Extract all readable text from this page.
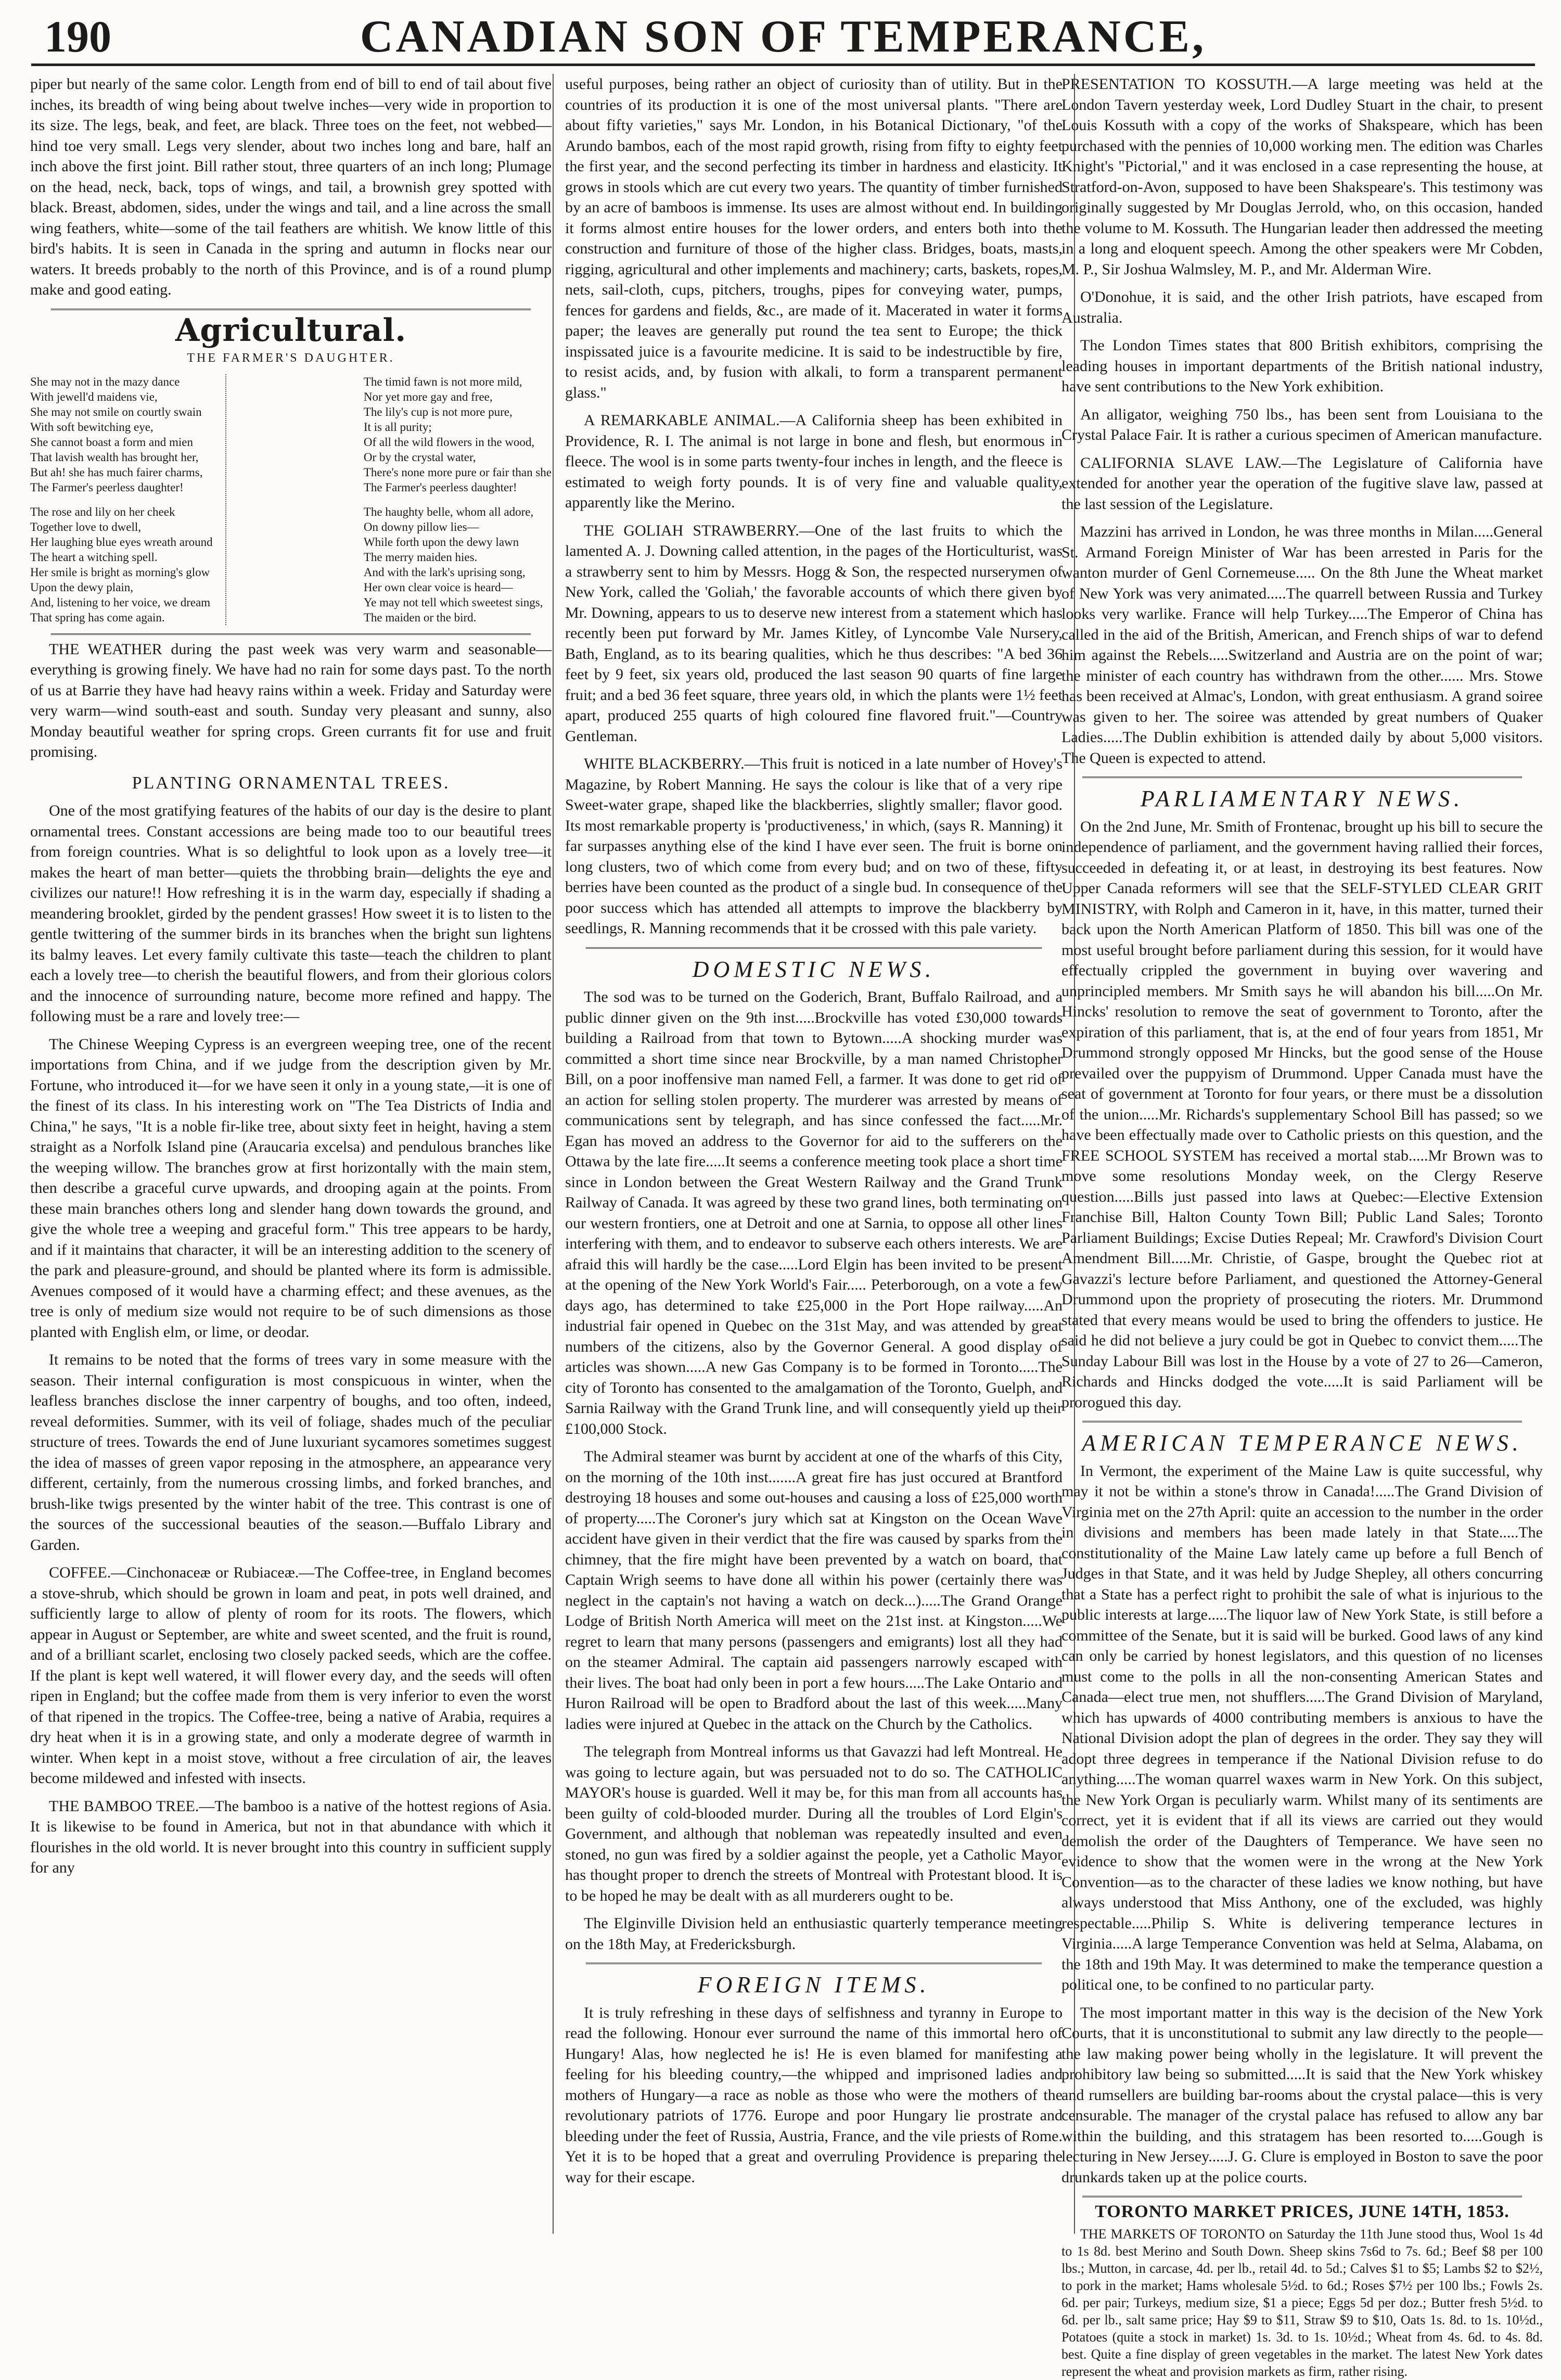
190	CANADIAN SON OF TEMPERANCE,

piper but nearly of the same color. Length from end of bill to end of tail about five inches, its breadth of wing being about twelve inches—very wide in proportion to its size. The legs, beak, and feet, are black. Three toes on the feet, not webbed—hind toe very small. Legs very slender, about two inches long and bare, half an inch above the first joint. Bill rather stout, three quarters of an inch long; Plumage on the head, neck, back, tops of wings, and tail, a brownish grey spotted with black. Breast, abdomen, sides, under the wings and tail, and a line across the small wing feathers, white—some of the tail feathers are whitish. We know little of this bird's habits. It is seen in Canada in the spring and autumn in flocks near our waters. It breeds probably to the north of this Province, and is of a round plump make and good eating.

Agricultural.
THE FARMER'S DAUGHTER.
She may not in the mazy dance
With jewell'd maidens vie,
She may not smile on courtly swain
With soft bewitching eye,
She cannot boast a form and mien
That lavish wealth has brought her,
But ah! she has much fairer charms,
The Farmer's peerless daughter!
The rose and lily on her cheek
Together love to dwell,
Her laughing blue eyes wreath around
The heart a witching spell.
Her smile is bright as morning's glow
Upon the dewy plain,
And, listening to her voice, we dream
That spring has come again.
The timid fawn is not more mild,
Nor yet more gay and free,
The lily's cup is not more pure,
It is all purity;
Of all the wild flowers in the wood,
Or by the crystal water,
There's none more pure or fair than she
The Farmer's peerless daughter!
The haughty belle, whom all adore,
On downy pillow lies—
While forth upon the dewy lawn
The merry maiden hies.
And with the lark's uprising song,
Her own clear voice is heard—
Ye may not tell which sweetest sings,
The maiden or the bird.

THE WEATHER during the past week was very warm and seasonable—everything is growing finely. We have had no rain for some days past. To the north of us at Barrie they have had heavy rains within a week. Friday and Saturday were very warm—wind south-east and south. Sunday very pleasant and sunny, also Monday beautiful weather for spring crops. Green currants fit for use and fruit promising.

PLANTING ORNAMENTAL TREES.

One of the most gratifying features of the habits of our day is the desire to plant ornamental trees. Constant accessions are being made too to our beautiful trees from foreign countries. What is so delightful to look upon as a lovely tree—it makes the heart of man better—quiets the throbbing brain—delights the eye and civilizes our nature!! How refreshing it is in the warm day, especially if shading a meandering brooklet, girded by the pendent grasses! How sweet it is to listen to the gentle twittering of the summer birds in its branches when the bright sun lightens its balmy leaves. Let every family cultivate this taste—teach the children to plant each a lovely tree—to cherish the beautiful flowers, and from their glorious colors and the innocence of surrounding nature, become more refined and happy. The following must be a rare and lovely tree:—

The Chinese Weeping Cypress is an evergreen weeping tree, one of the recent importations from China, and if we judge from the description given by Mr. Fortune, who introduced it—for we have seen it only in a young state,—it is one of the finest of its class. In his interesting work on "The Tea Districts of India and China," he says, "It is a noble fir-like tree, about sixty feet in height, having a stem straight as a Norfolk Island pine (Araucaria excelsa) and pendulous branches like the weeping willow. The branches grow at first horizontally with the main stem, then describe a graceful curve upwards, and drooping again at the points. From these main branches others long and slender hang down towards the ground, and give the whole tree a weeping and graceful form." This tree appears to be hardy, and if it maintains that character, it will be an interesting addition to the scenery of the park and pleasure-ground, and should be planted where its form is admissible. Avenues composed of it would have a charming effect; and these avenues, as the tree is only of medium size would not require to be of such dimensions as those planted with English elm, or lime, or deodar.

It remains to be noted that the forms of trees vary in some measure with the season. Their internal configuration is most conspicuous in winter, when the leafless branches disclose the inner carpentry of boughs, and too often, indeed, reveal deformities. Summer, with its veil of foliage, shades much of the peculiar structure of trees. Towards the end of June luxuriant sycamores sometimes suggest the idea of masses of green vapor reposing in the atmosphere, an appearance very different, certainly, from the numerous crossing limbs, and forked branches, and brush-like twigs presented by the winter habit of the tree. This contrast is one of the sources of the successional beauties of the season.—Buffalo Library and Garden.

COFFEE.—Cinchonaceæ or Rubiaceæ.—The Coffee-tree, in England becomes a stove-shrub, which should be grown in loam and peat, in pots well drained, and sufficiently large to allow of plenty of room for its roots. The flowers, which appear in August or September, are white and sweet scented, and the fruit is round, and of a brilliant scarlet, enclosing two closely packed seeds, which are the coffee. If the plant is kept well watered, it will flower every day, and the seeds will often ripen in England; but the coffee made from them is very inferior to even the worst of that ripened in the tropics. The Coffee-tree, being a native of Arabia, requires a dry heat when it is in a growing state, and only a moderate degree of warmth in winter. When kept in a moist stove, without a free circulation of air, the leaves become mildewed and infested with insects.

THE BAMBOO TREE.—The bamboo is a native of the hottest regions of Asia. It is likewise to be found in America, but not in that abundance with which it flourishes in the old world. It is never brought into this country in sufficient supply for any

useful purposes, being rather an object of curiosity than of utility. But in the countries of its production it is one of the most universal plants. "There are about fifty varieties," says Mr. London, in his Botanical Dictionary, "of the Arundo bambos, each of the most rapid growth, rising from fifty to eighty feet the first year, and the second perfecting its timber in hardness and elasticity. It grows in stools which are cut every two years. The quantity of timber furnished by an acre of bamboos is immense. Its uses are almost without end. In building it forms almost entire houses for the lower orders, and enters both into the construction and furniture of those of the higher class. Bridges, boats, masts, rigging, agricultural and other implements and machinery; carts, baskets, ropes, nets, sail-cloth, cups, pitchers, troughs, pipes for conveying water, pumps, fences for gardens and fields, &c., are made of it. Macerated in water it forms paper; the leaves are generally put round the tea sent to Europe; the thick inspissated juice is a favourite medicine. It is said to be indestructible by fire, to resist acids, and, by fusion with alkali, to form a transparent permanent glass."

A REMARKABLE ANIMAL.—A California sheep has been exhibited in Providence, R. I. The animal is not large in bone and flesh, but enormous in fleece. The wool is in some parts twenty-four inches in length, and the fleece is estimated to weigh forty pounds. It is of very fine and valuable quality, apparently like the Merino.

THE GOLIAH STRAWBERRY.—One of the last fruits to which the lamented A. J. Downing called attention, in the pages of the Horticulturist, was a strawberry sent to him by Messrs. Hogg & Son, the respected nurserymen of New York, called the 'Goliah,' the favorable accounts of which there given by Mr. Downing, appears to us to deserve new interest from a statement which has recently been put forward by Mr. James Kitley, of Lyncombe Vale Nursery, Bath, England, as to its bearing qualities, which he thus describes: "A bed 36 feet by 9 feet, six years old, produced the last season 90 quarts of fine large fruit; and a bed 36 feet square, three years old, in which the plants were 1½ feet apart, produced 255 quarts of high coloured fine flavored fruit."—Country Gentleman.

WHITE BLACKBERRY.—This fruit is noticed in a late number of Hovey's Magazine, by Robert Manning. He says the colour is like that of a very ripe Sweet-water grape, shaped like the blackberries, slightly smaller; flavor good. Its most remarkable property is 'productiveness,' in which, (says R. Manning) it far surpasses anything else of the kind I have ever seen. The fruit is borne on long clusters, two of which come from every bud; and on two of these, fifty berries have been counted as the product of a single bud. In consequence of the poor success which has attended all attempts to improve the blackberry by seedlings, R. Manning recommends that it be crossed with this pale variety.

DOMESTIC NEWS.

The sod was to be turned on the Goderich, Brant, Buffalo Railroad, and a public dinner given on the 9th inst.....Brockville has voted £30,000 towards building a Railroad from that town to Bytown.....A shocking murder was committed a short time since near Brockville, by a man named Christopher Bill, on a poor inoffensive man named Fell, a farmer. It was done to get rid of an action for selling stolen property. The murderer was arrested by means of communications sent by telegraph, and has since confessed the fact.....Mr. Egan has moved an address to the Governor for aid to the sufferers on the Ottawa by the late fire.....It seems a conference meeting took place a short time since in London between the Great Western Railway and the Grand Trunk Railway of Canada. It was agreed by these two grand lines, both terminating on our western frontiers, one at Detroit and one at Sarnia, to oppose all other lines interfering with them, and to endeavor to subserve each others interests. We are afraid this will hardly be the case.....Lord Elgin has been invited to be present at the opening of the New York World's Fair..... Peterborough, on a vote a few days ago, has determined to take £25,000 in the Port Hope railway.....An industrial fair opened in Quebec on the 31st May, and was attended by great numbers of the citizens, also by the Governor General. A good display of articles was shown.....A new Gas Company is to be formed in Toronto.....The city of Toronto has consented to the amalgamation of the Toronto, Guelph, and Sarnia Railway with the Grand Trunk line, and will consequently yield up their £100,000 Stock.

The Admiral steamer was burnt by accident at one of the wharfs of this City, on the morning of the 10th inst.......A great fire has just occured at Brantford destroying 18 houses and some out-houses and causing a loss of £25,000 worth of property.....The Coroner's jury which sat at Kingston on the Ocean Wave accident have given in their verdict that the fire was caused by sparks from the chimney, that the fire might have been prevented by a watch on board, that Captain Wrigh seems to have done all within his power (certainly there was neglect in the captain's not having a watch on deck...).....The Grand Orange Lodge of British North America will meet on the 21st inst. at Kingston.....We regret to learn that many persons (passengers and emigrants) lost all they had on the steamer Admiral. The captain aid passengers narrowly escaped with their lives. The boat had only been in port a few hours.....The Lake Ontario and Huron Railroad will be open to Bradford about the last of this week.....Many ladies were injured at Quebec in the attack on the Church by the Catholics.

The telegraph from Montreal informs us that Gavazzi had left Montreal. He was going to lecture again, but was persuaded not to do so. The CATHOLIC MAYOR's house is guarded. Well it may be, for this man from all accounts has been guilty of cold-blooded murder. During all the troubles of Lord Elgin's Government, and although that nobleman was repeatedly insulted and even stoned, no gun was fired by a soldier against the people, yet a Catholic Mayor has thought proper to drench the streets of Montreal with Protestant blood. It is to be hoped he may be dealt with as all murderers ought to be.

The Elginville Division held an enthusiastic quarterly temperance meeting on the 18th May, at Fredericksburgh.

FOREIGN ITEMS.

It is truly refreshing in these days of selfishness and tyranny in Europe to read the following. Honour ever surround the name of this immortal hero of Hungary! Alas, how neglected he is! He is even blamed for manifesting a feeling for his bleeding country,—the whipped and imprisoned ladies and mothers of Hungary—a race as noble as those who were the mothers of the revolutionary patriots of 1776. Europe and poor Hungary lie prostrate and bleeding under the feet of Russia, Austria, France, and the vile priests of Rome. Yet it is to be hoped that a great and overruling Providence is preparing the way for their escape.

PRESENTATION TO KOSSUTH.—A large meeting was held at the London Tavern yesterday week, Lord Dudley Stuart in the chair, to present Louis Kossuth with a copy of the works of Shakspeare, which has been purchased with the pennies of 10,000 working men. The edition was Charles Knight's "Pictorial," and it was enclosed in a case representing the house, at Stratford-on-Avon, supposed to have been Shakspeare's. This testimony was originally suggested by Mr Douglas Jerrold, who, on this occasion, handed the volume to M. Kossuth. The Hungarian leader then addressed the meeting in a long and eloquent speech. Among the other speakers were Mr Cobden, M. P., Sir Joshua Walmsley, M. P., and Mr. Alderman Wire.

O'Donohue, it is said, and the other Irish patriots, have escaped from Australia.

The London Times states that 800 British exhibitors, comprising the leading houses in important departments of the British national industry, have sent contributions to the New York exhibition.

An alligator, weighing 750 lbs., has been sent from Louisiana to the Crystal Palace Fair. It is rather a curious specimen of American manufacture.

CALIFORNIA SLAVE LAW.—The Legislature of California have extended for another year the operation of the fugitive slave law, passed at the last session of the Legislature.

Mazzini has arrived in London, he was three months in Milan.....General St. Armand Foreign Minister of War has been arrested in Paris for the wanton murder of Genl Cornemeuse..... On the 8th June the Wheat market of New York was very animated.....The quarrell between Russia and Turkey looks very warlike. France will help Turkey.....The Emperor of China has called in the aid of the British, American, and French ships of war to defend him against the Rebels.....Switzerland and Austria are on the point of war; the minister of each country has withdrawn from the other...... Mrs. Stowe has been received at Almac's, London, with great enthusiasm. A grand soiree was given to her. The soiree was attended by great numbers of Quaker Ladies.....The Dublin exhibition is attended daily by about 5,000 visitors. The Queen is expected to attend.

PARLIAMENTARY NEWS.

On the 2nd June, Mr. Smith of Frontenac, brought up his bill to secure the independence of parliament, and the government having rallied their forces, succeeded in defeating it, or at least, in destroying its best features. Now Upper Canada reformers will see that the SELF-STYLED CLEAR GRIT MINISTRY, with Rolph and Cameron in it, have, in this matter, turned their back upon the North American Platform of 1850. This bill was one of the most useful brought before parliament during this session, for it would have effectually crippled the government in buying over wavering and unprincipled members. Mr Smith says he will abandon his bill.....On Mr. Hincks' resolution to remove the seat of government to Toronto, after the expiration of this parliament, that is, at the end of four years from 1851, Mr Drummond strongly opposed Mr Hincks, but the good sense of the House prevailed over the puppyism of Drummond. Upper Canada must have the seat of government at Toronto for four years, or there must be a dissolution of the union.....Mr. Richards's supplementary School Bill has passed; so we have been effectually made over to Catholic priests on this question, and the FREE SCHOOL SYSTEM has received a mortal stab.....Mr Brown was to move some resolutions Monday week, on the Clergy Reserve question.....Bills just passed into laws at Quebec:—Elective Extension Franchise Bill, Halton County Town Bill; Public Land Sales; Toronto Parliament Buildings; Excise Duties Repeal; Mr. Crawford's Division Court Amendment Bill.....Mr. Christie, of Gaspe, brought the Quebec riot at Gavazzi's lecture before Parliament, and questioned the Attorney-General Drummond upon the propriety of prosecuting the rioters. Mr. Drummond stated that every means would be used to bring the offenders to justice. He said he did not believe a jury could be got in Quebec to convict them.....The Sunday Labour Bill was lost in the House by a vote of 27 to 26—Cameron, Richards and Hincks dodged the vote.....It is said Parliament will be prorogued this day.

AMERICAN TEMPERANCE NEWS.

In Vermont, the experiment of the Maine Law is quite successful, why may it not be within a stone's throw in Canada!.....The Grand Division of Virginia met on the 27th April: quite an accession to the number in the order in divisions and members has been made lately in that State.....The constitutionality of the Maine Law lately came up before a full Bench of Judges in that State, and it was held by Judge Shepley, all others concurring that a State has a perfect right to prohibit the sale of what is injurious to the public interests at large.....The liquor law of New York State, is still before a committee of the Senate, but it is said will be burked. Good laws of any kind can only be carried by honest legislators, and this question of no licenses must come to the polls in all the non-consenting American States and Canada—elect true men, not shufflers.....The Grand Division of Maryland, which has upwards of 4000 contributing members is anxious to have the National Division adopt the plan of degrees in the order. They say they will adopt three degrees in temperance if the National Division refuse to do anything.....The woman quarrel waxes warm in New York. On this subject, the New York Organ is peculiarly warm. Whilst many of its sentiments are correct, yet it is evident that if all its views are carried out they would demolish the order of the Daughters of Temperance. We have seen no evidence to show that the women were in the wrong at the New York Convention—as to the character of these ladies we know nothing, but have always understood that Miss Anthony, one of the excluded, was highly respectable.....Philip S. White is delivering temperance lectures in Virginia.....A large Temperance Convention was held at Selma, Alabama, on the 18th and 19th May. It was determined to make the temperance question a political one, to be confined to no particular party.

The most important matter in this way is the decision of the New York Courts, that it is unconstitutional to submit any law directly to the people—the law making power being wholly in the legislature. It will prevent the prohibitory law being so submitted.....It is said that the New York whiskey and rumsellers are building bar-rooms about the crystal palace—this is very censurable. The manager of the crystal palace has refused to allow any bar within the building, and this stratagem has been resorted to.....Gough is lecturing in New Jersey.....J. G. Clure is employed in Boston to save the poor drunkards taken up at the police courts.

TORONTO MARKET PRICES, JUNE 14TH, 1853.

THE MARKETS OF TORONTO on Saturday the 11th June stood thus, Wool 1s 4d to 1s 8d. best Merino and South Down. Sheep skins 7s6d to 7s. 6d.; Beef $8 per 100 lbs.; Mutton, in carcase, 4d. per lb., retail 4d. to 5d.; Calves $1 to $5; Lambs $2 to $2½, to pork in the market; Hams wholesale 5½d. to 6d.; Roses $7½ per 100 lbs.; Fowls 2s. 6d. per pair; Turkeys, medium size, $1 a piece; Eggs 5d per doz.; Butter fresh 5½d. to 6d. per lb., salt same price; Hay $9 to $11, Straw $9 to $10, Oats 1s. 8d. to 1s. 10½d., Potatoes (quite a stock in market) 1s. 3d. to 1s. 10½d.; Wheat from 4s. 6d. to 4s. 8d. best. Quite a fine display of green vegetables in the market. The latest New York dates represent the wheat and provision markets as firm, rather rising.
